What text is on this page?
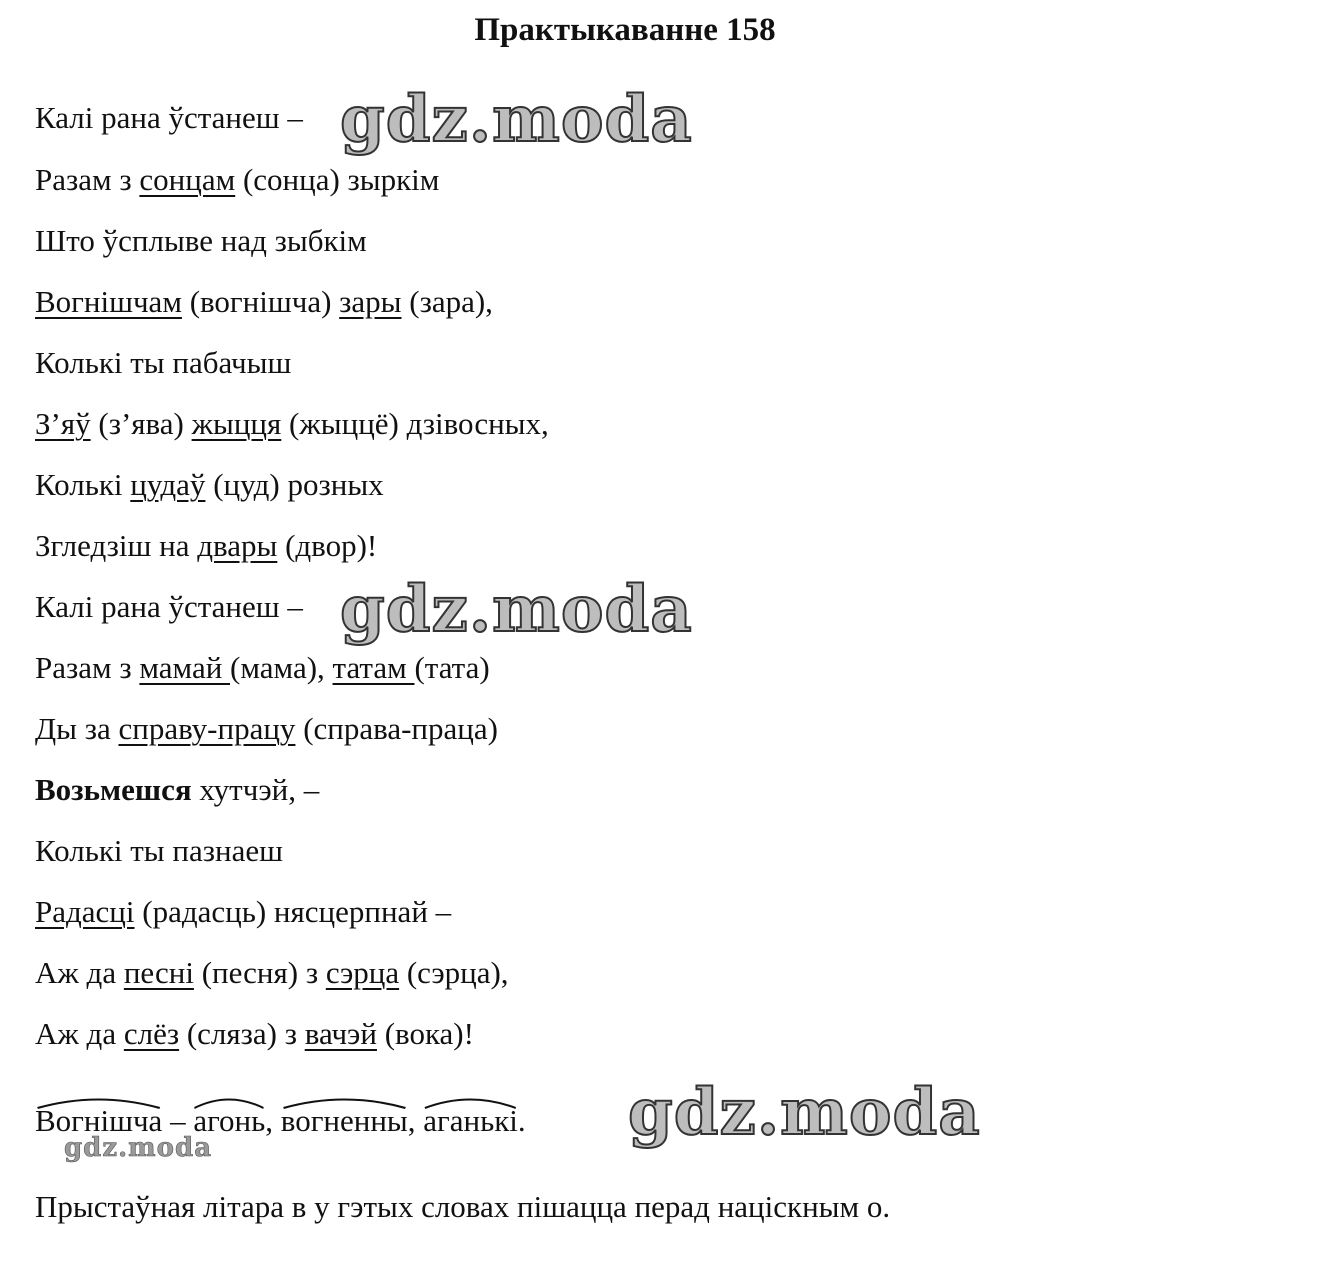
Практыкаванне 158
Калі рана ўстанеш –
Разам з сонцам (сонца) зыркім
Што ўсплыве над зыбкім
Вогнішчам (вогнішча) зары (зара),
Колькі ты пабачыш
З’яў (з’ява) жыцця (жыццё) дзівосных,
Колькі цудаў (цуд) розных
Згледзіш на двары (двор)!
Калі рана ўстанеш –
Разам з мамай (мама), татам (тата)
Ды за справу-працу (справа-праца)
Возьмешся хутчэй, –
Колькі ты пазнаеш
Радасці (радасць) нясцерпнай –
Аж да песні (песня) з сэрца (сэрца),
Аж да слёз (сляза) з вачэй (вока)!
Вогнішча –
агонь,
вогненны,
аганькі.
Прыстаўная літара в у гэтых словах пішацца перад націскным о.
gdz.moda
gdz.moda
gdz.moda
gdz.moda
